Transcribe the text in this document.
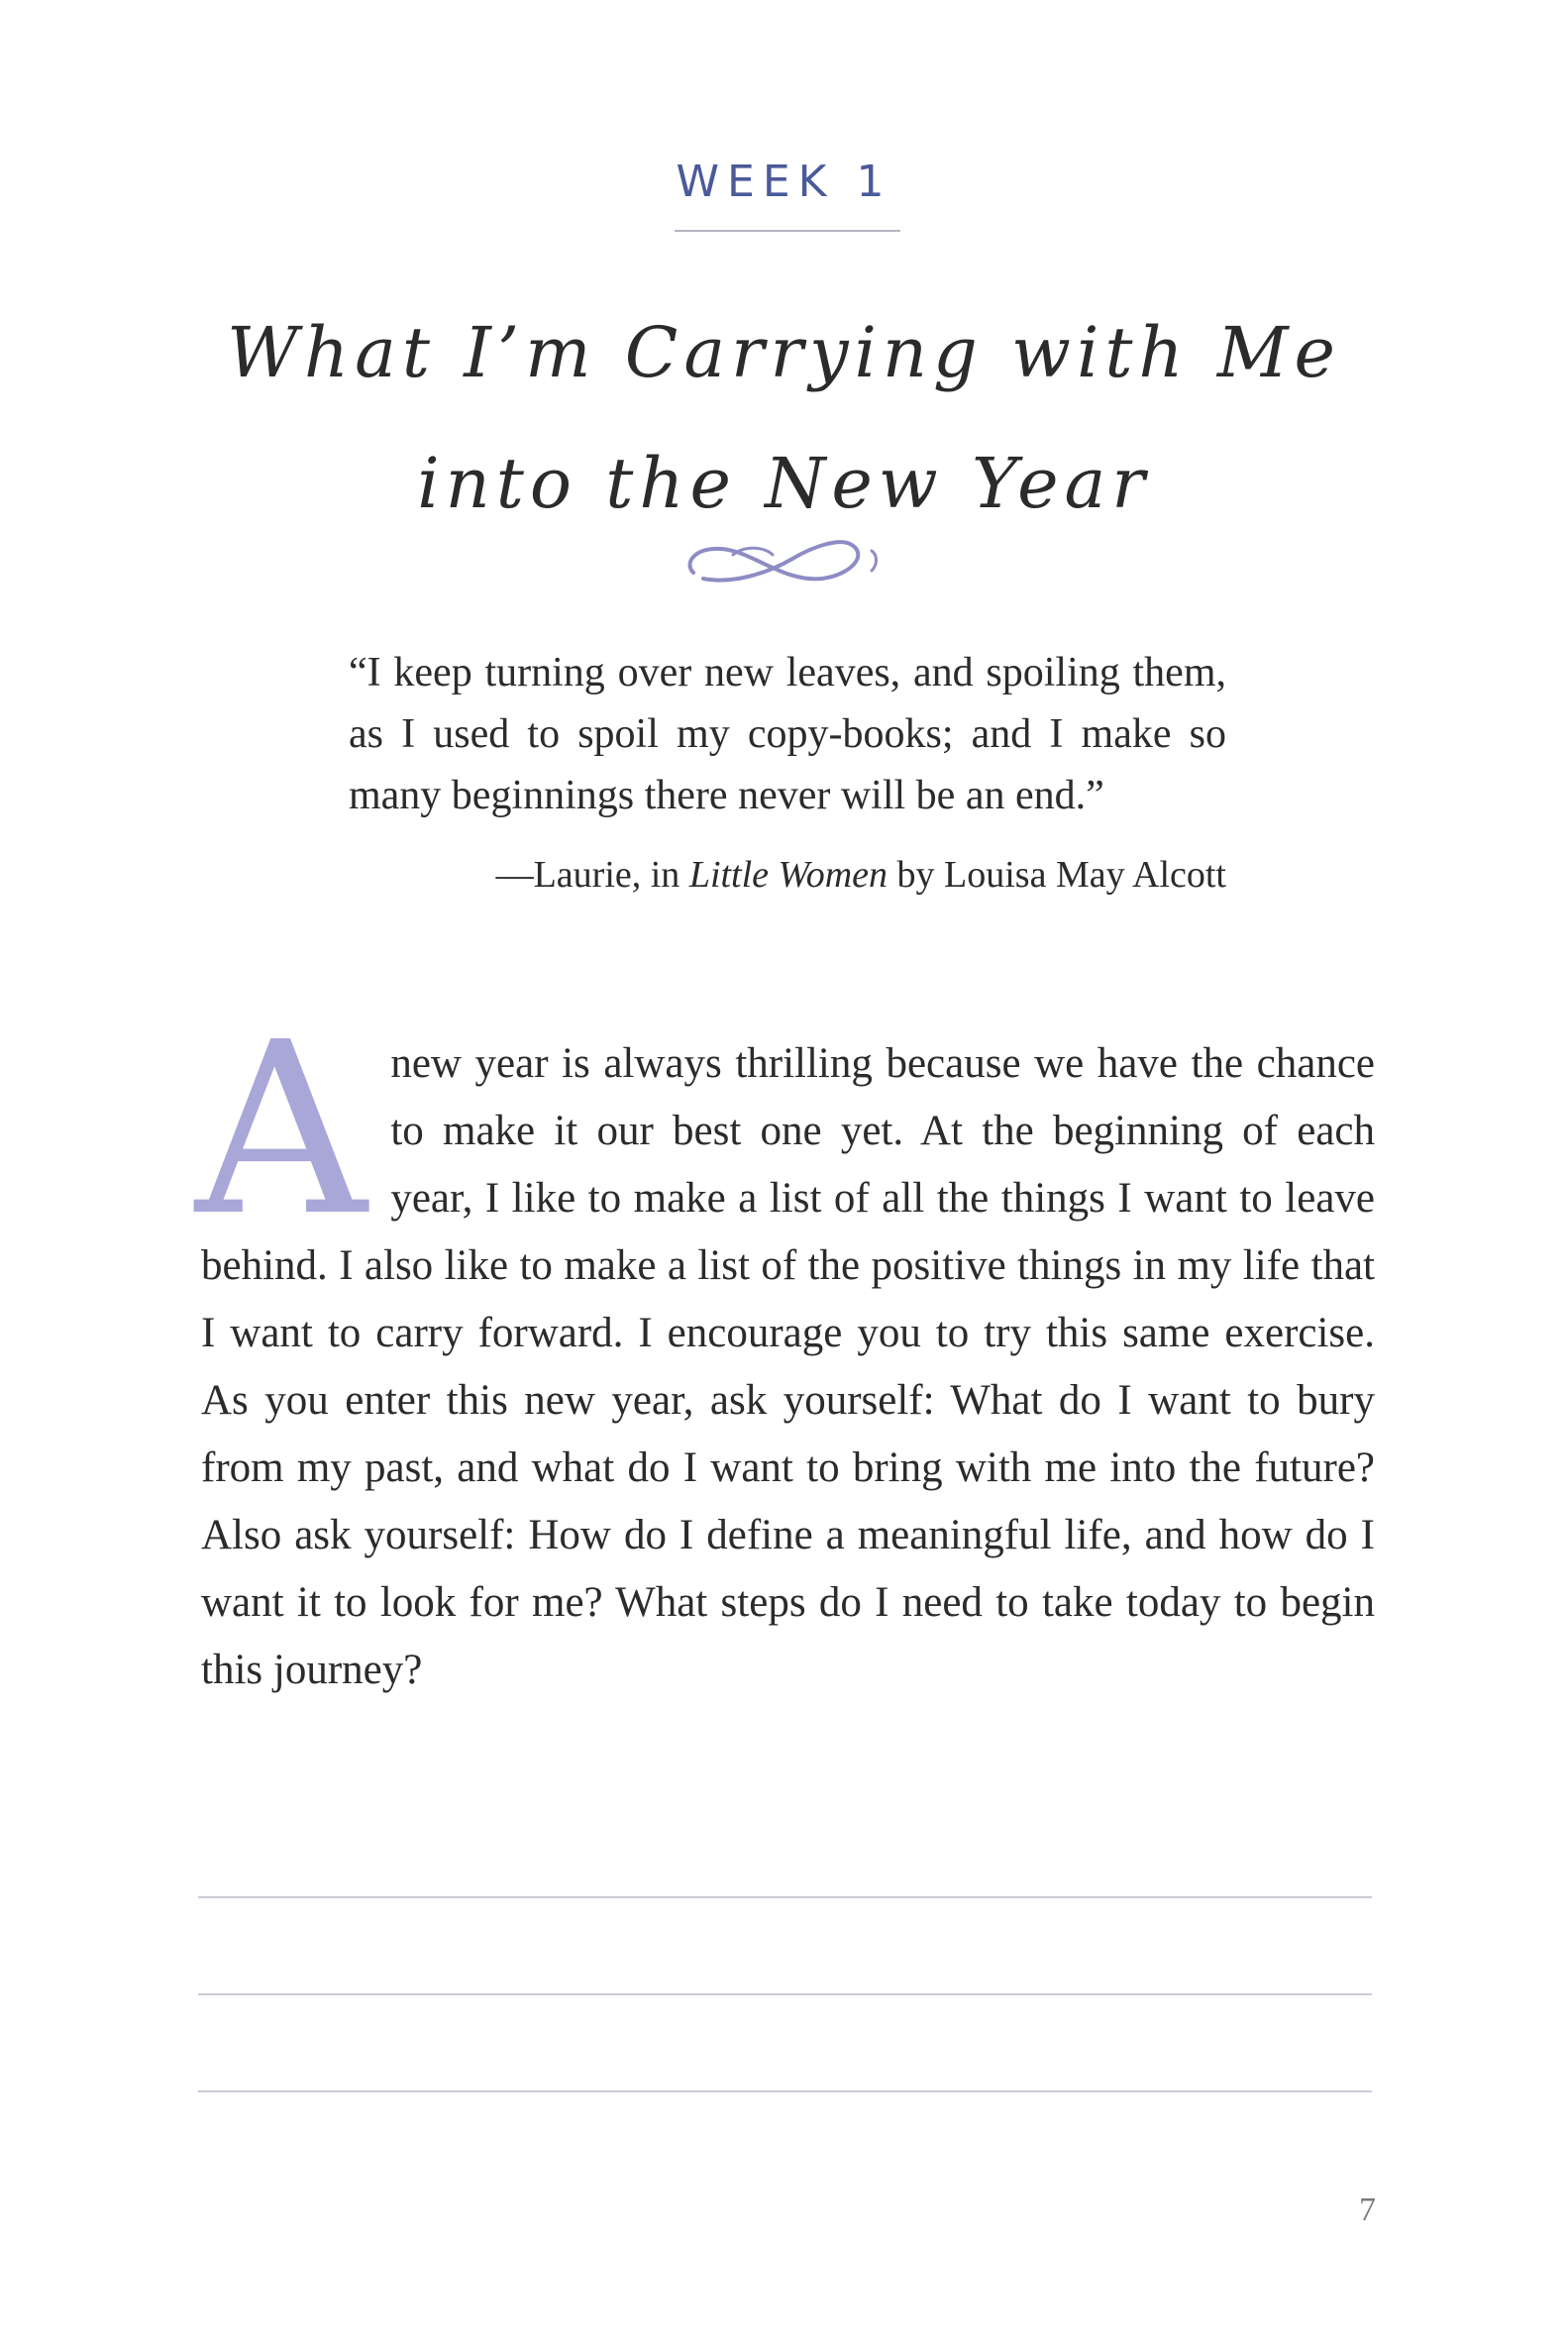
WEEK 1
What I’m Carrying with Me
into the New Year
“I keep turning over new leaves, and spoiling them, as I used to spoil my copy-books; and I make so many beginnings there never will be an end.”
—Laurie, in Little Women by Louisa May Alcott
A new year is always thrilling because we have the chance to make it our best one yet. At the beginning of each year, I like to make a list of all the things I want to leave behind. I also like to make a list of the positive things in my life that I want to carry forward. I encourage you to try this same exercise. As you enter this new year, ask yourself: What do I want to bury from my past, and what do I want to bring with me into the future? Also ask yourself: How do I define a meaningful life, and how do I want it to look for me? What steps do I need to take today to begin this journey?
7
